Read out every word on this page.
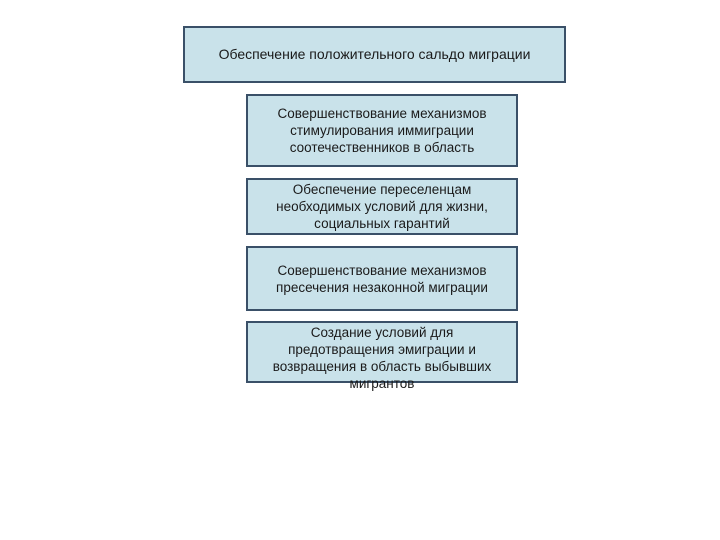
Обеспечение положительного сальдо миграции
Совершенствование механизмов стимулирования иммиграции соотечественников в область
Обеспечение переселенцам необходимых условий для жизни, социальных гарантий
Совершенствование механизмов пресечения незаконной миграции
Создание условий для предотвращения эмиграции и возвращения в область выбывших мигрантов
